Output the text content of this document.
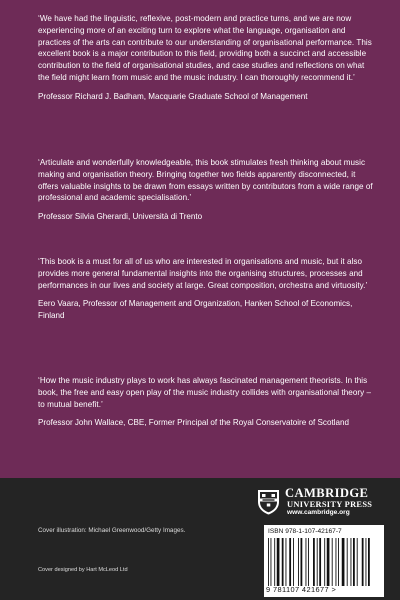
‘We have had the linguistic, reflexive, post-modern and practice turns, and we are now experiencing more of an exciting turn to explore what the language, organisation and practices of the arts can contribute to our understanding of organisational performance. This excellent book is a major contribution to this field, providing both a succinct and accessible contribution to the field of organisational studies, and case studies and reflections on what the field might learn from music and the music industry. I can thoroughly recommend it.’

Professor Richard J. Badham, Macquarie Graduate School of Management

‘Articulate and wonderfully knowledgeable, this book stimulates fresh thinking about music making and organisation theory. Bringing together two fields apparently disconnected, it offers valuable insights to be drawn from essays written by contributors from a wide range of professional and academic specialisation.’

Professor Silvia Gherardi, Università di Trento

‘This book is a must for all of us who are interested in organisations and music, but it also provides more general fundamental insights into the organising structures, processes and performances in our lives and society at large. Great composition, orchestra and virtuosity.’

Eero Vaara, Professor of Management and Organization, Hanken School of Economics, Finland

‘How the music industry plays to work has always fascinated management theorists. In this book, the free and easy open play of the music industry collides with organisational theory – to mutual benefit.’

Professor John Wallace, CBE, Former Principal of the Royal Conservatoire of Scotland

Cover illustration: Michael Greenwood/Getty Images.
Cover designed by Hart McLeod Ltd
CAMBRIDGE
UNIVERSITY PRESS
www.cambridge.org
ISBN 978-1-107-42167-7
9 781107 421677 >
